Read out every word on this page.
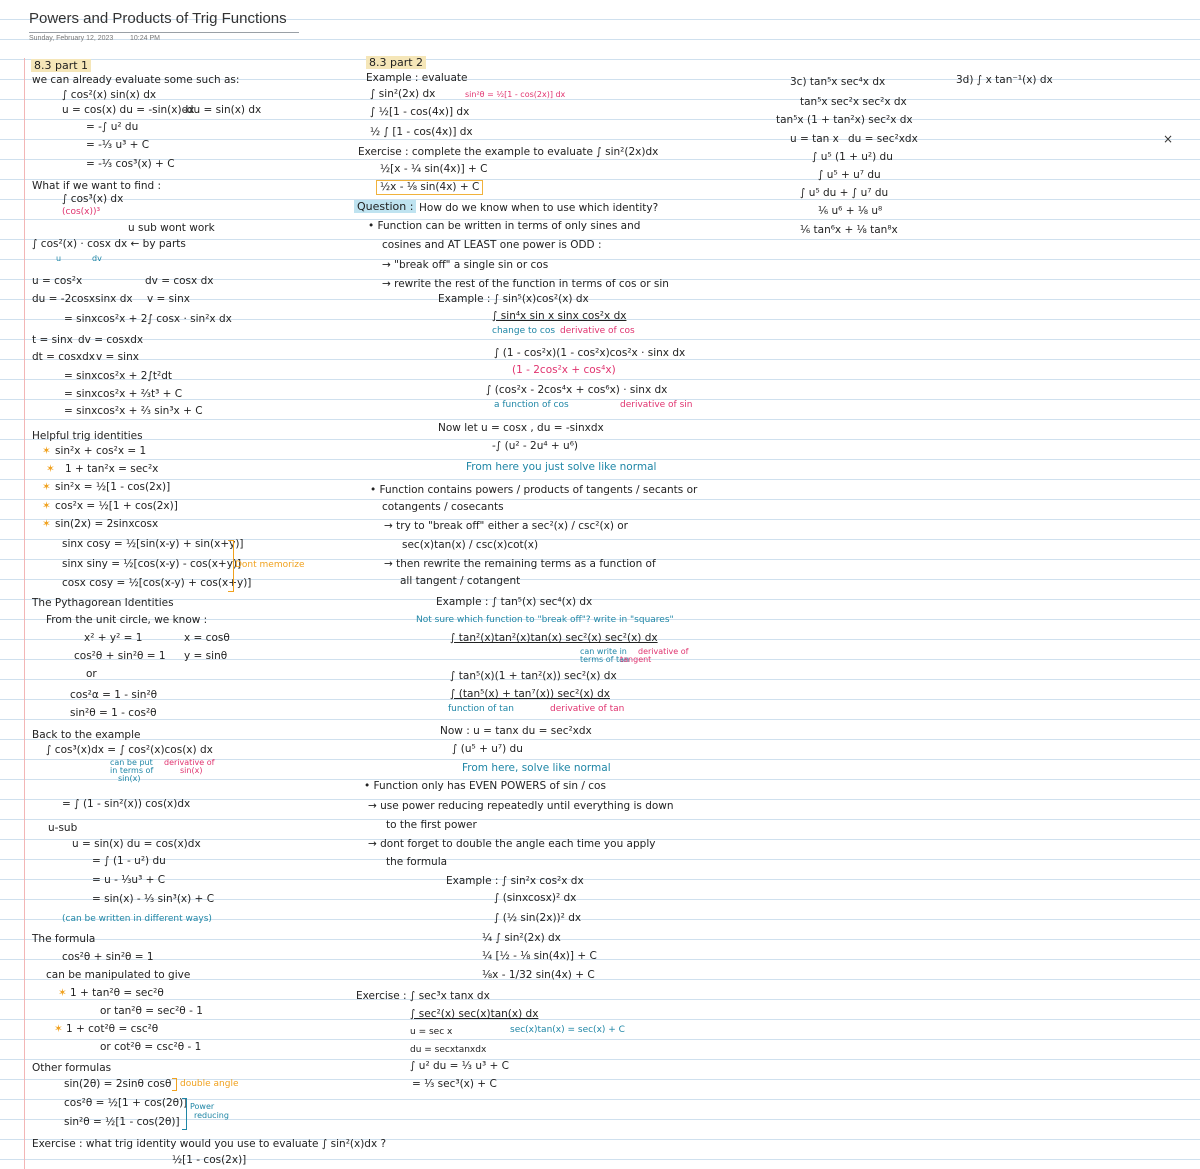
Powers and Products of Trig Functions
Sunday, February 12, 2023 10:24 PM
8.3 part 1
we can already evaluate some such as:
∫ cos²(x) sin(x) dx
u = cos(x) du = -sin(x)dx
-du = sin(x) dx
= -∫ u² du
= -⅓ u³ + C
= -⅓ cos³(x) + C
What if we want to find :
∫ cos³(x) dx
(cos(x))³
u sub wont work
∫ cos²(x) · cosx dx ← by parts
u	dv
u = cos²x	dv = cosx dx
du = -2cosxsinx dx v = sinx
= sinxcos²x + 2∫ cosx · sin²x dx
t = sinx dv = cosxdx
dt = cosxdx v = sinx
= sinxcos²x + 2∫t²dt
= sinxcos²x + ⅔t³ + C
= sinxcos²x + ⅔ sin³x + C
Helpful trig identities
✶ sin²x + cos²x = 1
✶ 1 + tan²x = sec²x
✶ sin²x = ½[1 - cos(2x)]
✶ cos²x = ½[1 + cos(2x)]
✶ sin(2x) = 2sinxcosx
sinx cosy = ½[sin(x-y) + sin(x+y)]
sinx siny = ½[cos(x-y) - cos(x+y)]
cosx cosy = ½[cos(x-y) + cos(x+y)]
Dont memorize
The Pythagorean Identities
From the unit circle, we know :
x² + y² = 1	x = cosθ
cos²θ + sin²θ = 1 y = sinθ
or
cos²α = 1 - sin²θ
sin²θ = 1 - cos²θ
Back to the example
∫ cos³(x)dx = ∫ cos²(x)cos(x) dx
can be put
in terms of
sin(x)
derivative of
sin(x)
= ∫ (1 - sin²(x)) cos(x)dx
u-sub
u = sin(x) du = cos(x)dx
= ∫ (1 - u²) du
= u - ⅓u³ + C
= sin(x) - ⅓ sin³(x) + C
(can be written in different ways)
The formula
cos²θ + sin²θ = 1
can be manipulated to give
✶ 1 + tan²θ = sec²θ
or tan²θ = sec²θ - 1
✶ 1 + cot²θ = csc²θ
or cot²θ = csc²θ - 1
Other formulas
sin(2θ) = 2sinθ cosθ double angle
cos²θ = ½[1 + cos(2θ)]
sin²θ = ½[1 - cos(2θ)]
Power
reducing
Exercise : what trig identity would you use to evaluate ∫ sin²(x)dx ?
½[1 - cos(2x)]
8.3 part 2
Example : evaluate
∫ sin²(2x) dx	sin²θ = ½[1 - cos(2x)] dx
∫ ½[1 - cos(4x)] dx
½ ∫ [1 - cos(4x)] dx
Exercise : complete the example to evaluate ∫ sin²(2x)dx
½[x - ¼ sin(4x)] + C
½x - ⅛ sin(4x) + C
Question : How do we know when to use which identity?
• Function can be written in terms of only sines and
cosines and AT LEAST one power is ODD :
→ "break off" a single sin or cos
→ rewrite the rest of the function in terms of cos or sin
Example : ∫ sin⁵(x)cos²(x) dx
∫ sin⁴x sin x sinx cos²x dx
change to cos derivative of cos
∫ (1 - cos²x)(1 - cos²x)cos²x · sinx dx
(1 - 2cos²x + cos⁴x)
∫ (cos²x - 2cos⁴x + cos⁶x) · sinx dx
a function of cos	derivative of sin
Now let u = cosx , du = -sinxdx
-∫ (u² - 2u⁴ + u⁶)
From here you just solve like normal
• Function contains powers / products of tangents / secants or
cotangents / cosecants
→ try to "break off" either a sec²(x) / csc²(x) or
sec(x)tan(x) / csc(x)cot(x)
→ then rewrite the remaining terms as a function of
all tangent / cotangent
Example : ∫ tan⁵(x) sec⁴(x) dx
Not sure which function to "break off"? write in "squares"
∫ tan²(x)tan²(x)tan(x) sec²(x) sec²(x) dx
can write in
terms of tan
derivative of
tangent
∫ tan⁵(x)(1 + tan²(x)) sec²(x) dx
∫ (tan⁵(x) + tan⁷(x)) sec²(x) dx
function of tan	derivative of tan
Now : u = tanx du = sec²xdx
∫ (u⁵ + u⁷) du
From here, solve like normal
• Function only has EVEN POWERS of sin / cos
→ use power reducing repeatedly until everything is down
to the first power
→ dont forget to double the angle each time you apply
the formula
Example : ∫ sin²x cos²x dx
∫ (sinxcosx)² dx
∫ (½ sin(2x))² dx
¼ ∫ sin²(2x) dx
¼ [½ - ⅛ sin(4x)] + C
⅛x - 1/32 sin(4x) + C
Exercise : ∫ sec³x tanx dx
∫ sec²(x) sec(x)tan(x) dx
u = sec x	sec(x)tan(x) = sec(x) + C
du = secxtanxdx
∫ u² du = ⅓ u³ + C
= ⅓ sec³(x) + C
3c) tan⁵x sec⁴x dx
tan⁵x sec²x sec²x dx
tan⁵x (1 + tan²x) sec²x dx
u = tan x du = sec²xdx
∫ u⁵ (1 + u²) du
∫ u⁵ + u⁷ du
∫ u⁵ du + ∫ u⁷ du
⅙ u⁶ + ⅛ u⁸
⅙ tan⁶x + ⅛ tan⁸x
3d) ∫ x tan⁻¹(x) dx
×
